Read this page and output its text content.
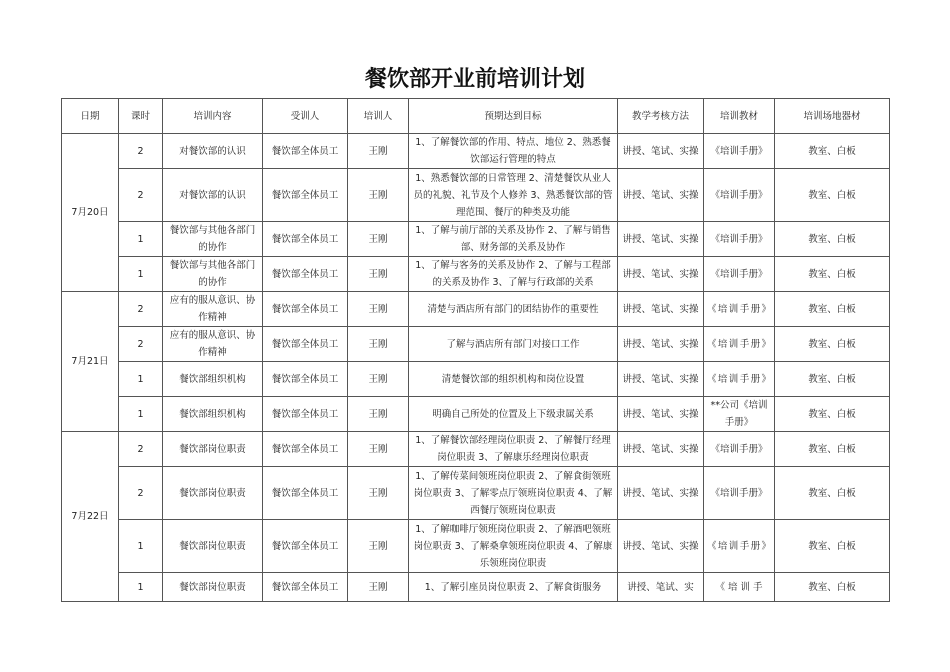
餐饮部开业前培训计划
日期	课时	培训内容	受训人	培训人	预期达到目标	教学考核方法	培训教材	培训场地器材
7月20日	2	对餐饮部的认识	餐饮部全体员工	王刚	1、了解餐饮部的作用、特点、地位 2、熟悉餐饮部运行管理的特点	讲授、笔试、实操	《培训手册》	教室、白板
	2	对餐饮部的认识	餐饮部全体员工	王刚	1、熟悉餐饮部的日常管理 2、清楚餐饮从业人员的礼貌、礼节及个人修养 3、熟悉餐饮部的管理范围、餐厅的种类及功能	讲授、笔试、实操	《培训手册》	教室、白板
	1	餐饮部与其他各部门的协作	餐饮部全体员工	王刚	1、了解与前厅部的关系及协作 2、了解与销售部、财务部的关系及协作	讲授、笔试、实操	《培训手册》	教室、白板
	1	餐饮部与其他各部门的协作	餐饮部全体员工	王刚	1、了解与客务的关系及协作 2、了解与工程部的关系及协作 3、了解与行政部的关系	讲授、笔试、实操	《培训手册》	教室、白板
7月21日	2	应有的服从意识、协作精神	餐饮部全体员工	王刚	清楚与酒店所有部门的团结协作的重要性	讲授、笔试、实操	《培训手册》	教室、白板
	2	应有的服从意识、协作精神	餐饮部全体员工	王刚	了解与酒店所有部门对接口工作	讲授、笔试、实操	《培训手册》	教室、白板
	1	餐饮部组织机构	餐饮部全体员工	王刚	清楚餐饮部的组织机构和岗位设置	讲授、笔试、实操	《培训手册》	教室、白板
	1	餐饮部组织机构	餐饮部全体员工	王刚	明确自己所处的位置及上下级隶属关系	讲授、笔试、实操	**公司《培训手册》	教室、白板
7月22日	2	餐饮部岗位职责	餐饮部全体员工	王刚	1、了解餐饮部经理岗位职责 2、了解餐厅经理岗位职责 3、了解康乐经理岗位职责	讲授、笔试、实操	《培训手册》	教室、白板
	2	餐饮部岗位职责	餐饮部全体员工	王刚	1、了解传菜间领班岗位职责 2、了解食街领班岗位职责 3、了解零点厅领班岗位职责 4、了解西餐厅领班岗位职责	讲授、笔试、实操	《培训手册》	教室、白板
	1	餐饮部岗位职责	餐饮部全体员工	王刚	1、了解咖啡厅领班岗位职责 2、了解酒吧领班岗位职责 3、了解桑拿领班岗位职责 4、了解康乐领班岗位职责	讲授、笔试、实操	《培训手册》	教室、白板
	1	餐饮部岗位职责	餐饮部全体员工	王刚	1、了解引座员岗位职责 2、了解食街服务	讲授、笔试、实	《 培 训 手	教室、白板
